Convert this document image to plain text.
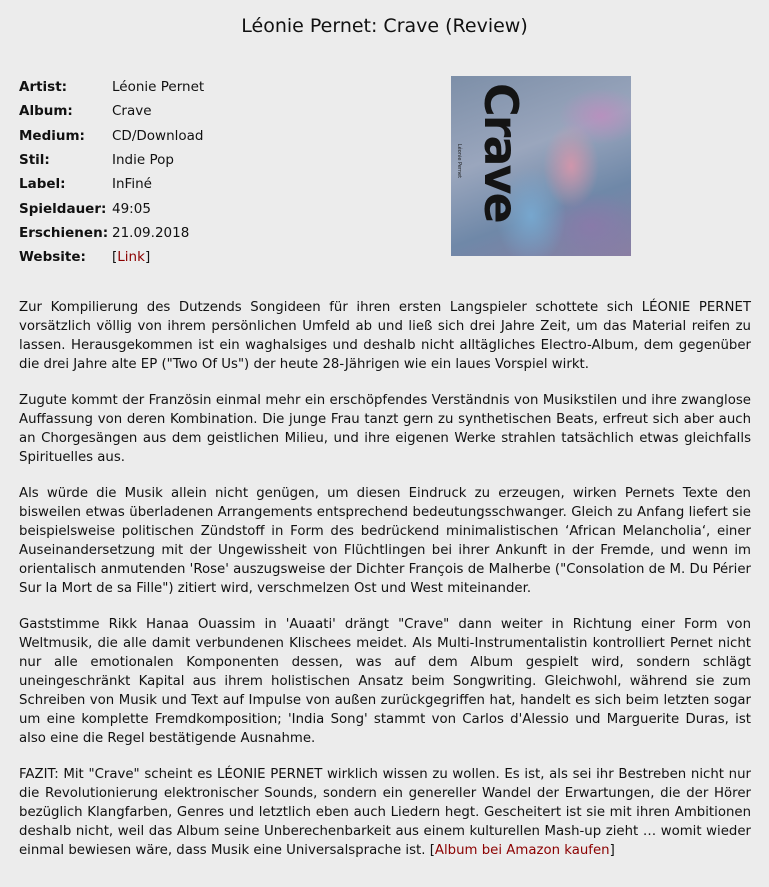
Léonie Pernet: Crave (Review)
Artist:	Léonie Pernet
Album:	Crave
Medium:	CD/Download
Stil:	Indie Pop
Label:	InFiné
Spieldauer:	49:05
Erschienen:	21.09.2018
Website:	[Link]
Crave
Léonie Pernet

Zur Kompilierung des Dutzends Songideen für ihren ersten Langspieler schottete sich LÉONIE PERNET vorsätzlich völlig von ihrem persönlichen Umfeld ab und ließ sich drei Jahre Zeit, um das Material reifen zu lassen. Herausgekommen ist ein waghalsiges und deshalb nicht alltägliches Electro-Album, dem gegenüber die drei Jahre alte EP ("Two Of Us") der heute 28-Jährigen wie ein laues Vorspiel wirkt.

Zugute kommt der Französin einmal mehr ein erschöpfendes Verständnis von Musikstilen und ihre zwanglose Auffassung von deren Kombination. Die junge Frau tanzt gern zu synthetischen Beats, erfreut sich aber auch an Chorgesängen aus dem geistlichen Milieu, und ihre eigenen Werke strahlen tatsächlich etwas gleichfalls Spirituelles aus.

Als würde die Musik allein nicht genügen, um diesen Eindruck zu erzeugen, wirken Pernets Texte den bisweilen etwas überladenen Arrangements entsprechend bedeutungsschwanger. Gleich zu Anfang liefert sie beispielsweise politischen Zündstoff in Form des bedrückend minimalistischen ‘African Melancholia‘, einer Auseinandersetzung mit der Ungewissheit von Flüchtlingen bei ihrer Ankunft in der Fremde, und wenn im orientalisch anmutenden 'Rose' auszugsweise der Dichter François de Malherbe ("Consolation de M. Du Périer Sur la Mort de sa Fille") zitiert wird, verschmelzen Ost und West miteinander.

Gaststimme Rikk Hanaa Ouassim in 'Auaati' drängt "Crave" dann weiter in Richtung einer Form von Weltmusik, die alle damit verbundenen Klischees meidet. Als Multi-Instrumentalistin kontrolliert Pernet nicht nur alle emotionalen Komponenten dessen, was auf dem Album gespielt wird, sondern schlägt uneingeschränkt Kapital aus ihrem holistischen Ansatz beim Songwriting. Gleichwohl, während sie zum Schreiben von Musik und Text auf Impulse von außen zurückgegriffen hat, handelt es sich beim letzten sogar um eine komplette Fremdkomposition; 'India Song' stammt von Carlos d'Alessio und Marguerite Duras, ist also eine die Regel bestätigende Ausnahme.

FAZIT: Mit "Crave" scheint es LÉONIE PERNET wirklich wissen zu wollen. Es ist, als sei ihr Bestreben nicht nur die Revolutionierung elektronischer Sounds, sondern ein genereller Wandel der Erwartungen, die der Hörer bezüglich Klangfarben, Genres und letztlich eben auch Liedern hegt. Gescheitert ist sie mit ihren Ambitionen deshalb nicht, weil das Album seine Unberechenbarkeit aus einem kulturellen Mash-up zieht … womit wieder einmal bewiesen wäre, dass Musik eine Universalsprache ist. [Album bei Amazon kaufen]
